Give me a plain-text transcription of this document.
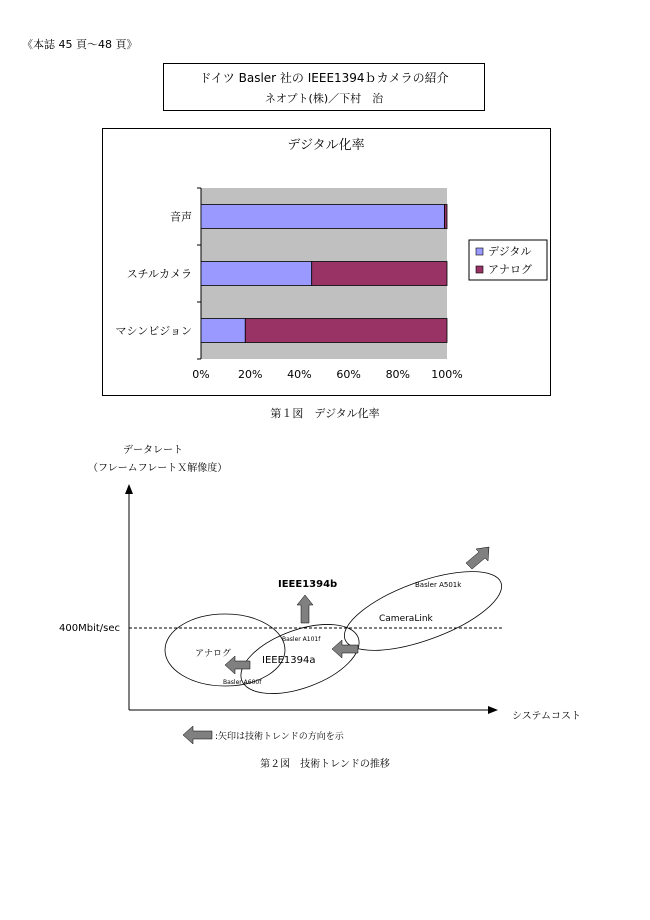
《本誌 45 頁～48 頁》
ドイツ Basler 社の IEEE1394ｂカメラの紹介
ネオプト(株)／下村　治
デジタル化率
音声
スチルカメラ
マシンビジョン
0%	20% 40% 60% 80% 100%
デジタル
アナログ
第１図　デジタル化率
データレート
（フレームフレートＸ解像度）
システムコスト
400Mbit/sec
IEEE1394b
アナログ
IEEE1394a
CameraLink
Basler A101f
Basler A600f
Basler A501k
:矢印は技術トレンドの方向を示
第２図　技術トレンドの推移
